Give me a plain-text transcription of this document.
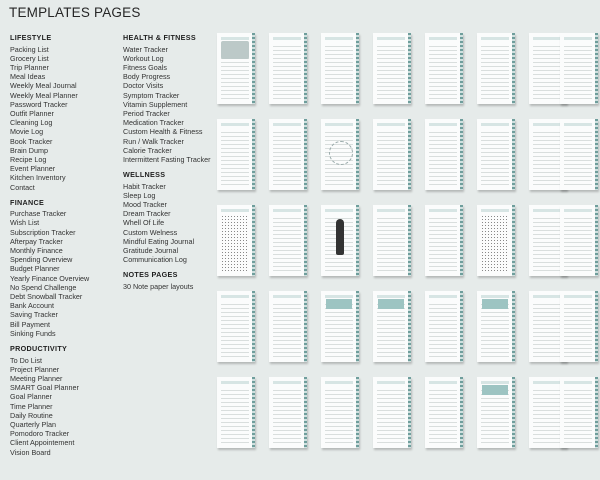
TEMPLATES PAGES
LIFESTYLE
Packing List
Grocery List
Trip Planner
Meal Ideas
Weekly Meal Journal
Weekly Meal Planner
Password Tracker
Outfit Planner
Cleaning Log
Movie Log
Book Tracker
Brain Dump
Recipe Log
Event Planner
Kitchen Inventory
Contact
FINANCE
Purchase Tracker
Wish List
Subscription Tracker
Afterpay Tracker
Monthly Finance
Spending Overview
Budget Planner
Yearly Finance Overview
No Spend Challenge
Debt Snowball Tracker
Bank Account
Saving Tracker
Bill Payment
Sinking Funds
PRODUCTIVITY
To Do List
Project Planner
Meeting Planner
SMART Goal Planner
Goal Planner
Time Planner
Daily Routine
Quarterly Plan
Pomodoro Tracker
Client Appointement
Vision Board
HEALTH & FITNESS
Water Tracker
Workout Log
Fitness Goals
Body Progress
Doctor Visits
Symptom Tracker
Vitamin Supplement
Period Tracker
Medication Tracker
Custom Health & Fitness
Run / Walk Tracker
Calorie Tracker
Intermittent Fasting Tracker
WELLNESS
Habit Tracker
Sleep Log
Mood Tracker
Dream Tracker
Whell Of Life
Custom Welness
Mindful Eating Journal
Gratitude Journal
Communication Log
NOTES PAGES
30 Note paper layouts
